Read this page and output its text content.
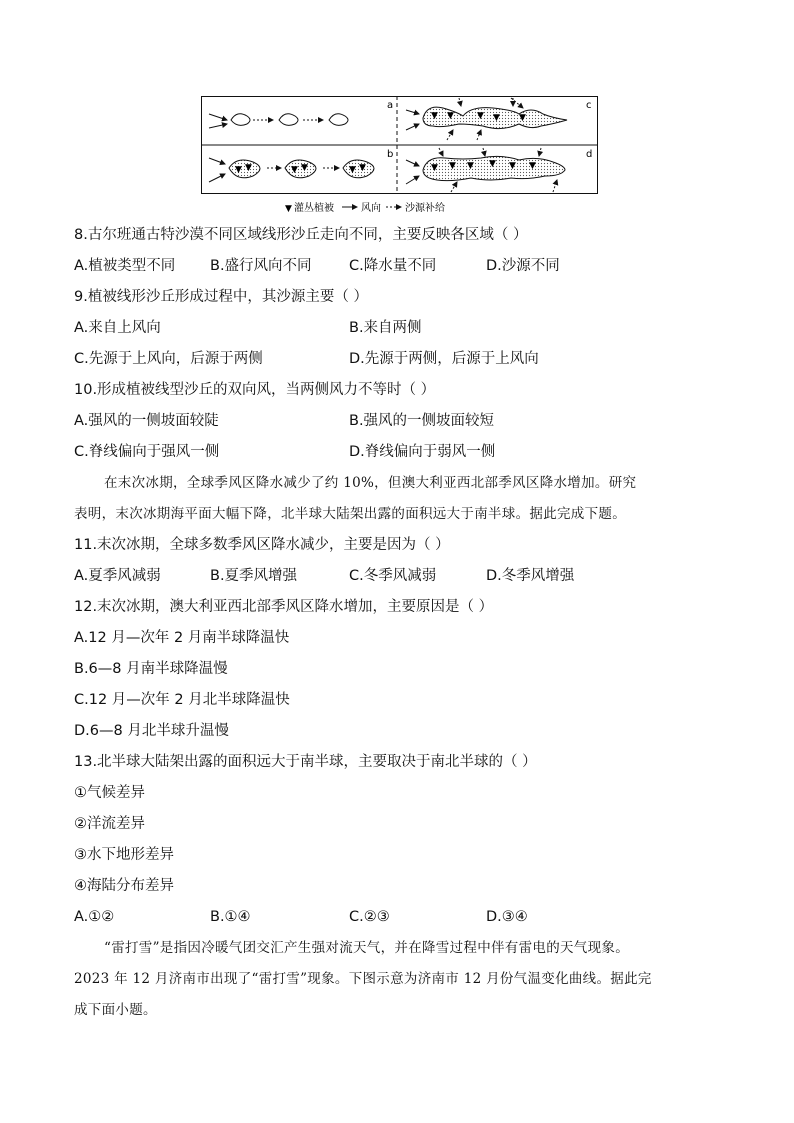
a
b
c
d
▼ ▼	▼ ▼	▼ ▼
▼ ▼	▼ ▼ ▼
▼ ▼ ▼ ▼ ▼ ▼
▼ 灌丛植被	风向 沙源补给
8.古尔班通古特沙漠不同区域线形沙丘走向不同，主要反映各区域（ ）
A.植被类型不同 B.盛行风向不同	C.降水量不同	D.沙源不同
9.植被线形沙丘形成过程中，其沙源主要（ ）
A.来自上风向	B.来自两侧
C.先源于上风向，后源于两侧	D.先源于两侧，后源于上风向
10.形成植被线型沙丘的双向风，当两侧风力不等时（ ）
A.强风的一侧坡面较陡	B.强风的一侧坡面较短
C.脊线偏向于强风一侧	D.脊线偏向于弱风一侧
在末次冰期，全球季风区降水减少了约 10%，但澳大利亚西北部季风区降水增加。研究
表明，末次冰期海平面大幅下降，北半球大陆架出露的面积远大于南半球。据此完成下题。
11.末次冰期，全球多数季风区降水减少，主要是因为（ ）
A.夏季风减弱	B.夏季风增强	C.冬季风减弱	D.冬季风增强
12.末次冰期，澳大利亚西北部季风区降水增加，主要原因是（ ）
A.12 月—次年 2 月南半球降温快
B.6—8 月南半球降温慢
C.12 月—次年 2 月北半球降温快
D.6—8 月北半球升温慢
13.北半球大陆架出露的面积远大于南半球，主要取决于南北半球的（ ）
①气候差异
②洋流差异
③水下地形差异
④海陆分布差异
A.①②	B.①④	C.②③	D.③④
“雷打雪”是指因冷暖气团交汇产生强对流天气，并在降雪过程中伴有雷电的天气现象。
2023 年 12 月济南市出现了“雷打雪”现象。下图示意为济南市 12 月份气温变化曲线。据此完
成下面小题。
